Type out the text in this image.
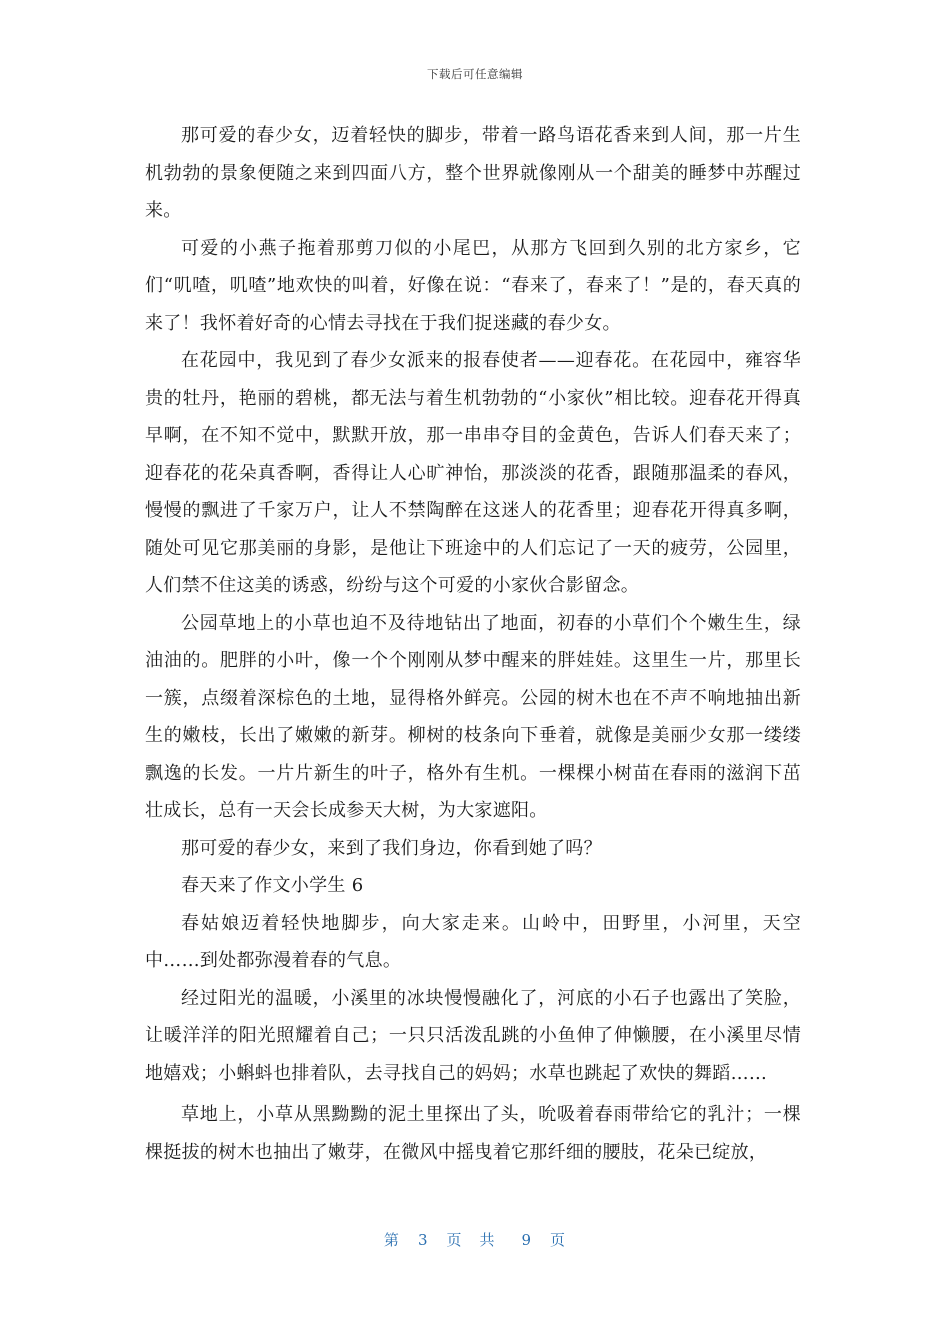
下载后可任意编辑

那可爱的春少女，迈着轻快的脚步，带着一路鸟语花香来到人间，那一片生机勃勃的景象便随之来到四面八方，整个世界就像刚从一个甜美的睡梦中苏醒过来。

可爱的小燕子拖着那剪刀似的小尾巴，从那方飞回到久别的北方家乡，它们“叽喳，叽喳”地欢快的叫着，好像在说：“春来了，春来了！”是的，春天真的来了！我怀着好奇的心情去寻找在于我们捉迷藏的春少女。

在花园中，我见到了春少女派来的报春使者——迎春花。在花园中，雍容华贵的牡丹，艳丽的碧桃，都无法与着生机勃勃的“小家伙”相比较。迎春花开得真早啊，在不知不觉中，默默开放，那一串串夺目的金黄色，告诉人们春天来了；迎春花的花朵真香啊，香得让人心旷神怡，那淡淡的花香，跟随那温柔的春风，慢慢的飘进了千家万户，让人不禁陶醉在这迷人的花香里；迎春花开得真多啊，随处可见它那美丽的身影，是他让下班途中的人们忘记了一天的疲劳，公园里，人们禁不住这美的诱惑，纷纷与这个可爱的小家伙合影留念。

公园草地上的小草也迫不及待地钻出了地面，初春的小草们个个嫩生生，绿油油的。肥胖的小叶，像一个个刚刚从梦中醒来的胖娃娃。这里生一片，那里长一簇，点缀着深棕色的土地，显得格外鲜亮。公园的树木也在不声不响地抽出新生的嫩枝，长出了嫩嫩的新芽。柳树的枝条向下垂着，就像是美丽少女那一缕缕飘逸的长发。一片片新生的叶子，格外有生机。一棵棵小树苗在春雨的滋润下茁壮成长，总有一天会长成参天大树，为大家遮阳。

那可爱的春少女，来到了我们身边，你看到她了吗？

春天来了作文小学生 6

春姑娘迈着轻快地脚步，向大家走来。山岭中，田野里，小河里，天空中……到处都弥漫着春的气息。

经过阳光的温暖，小溪里的冰块慢慢融化了，河底的小石子也露出了笑脸，让暖洋洋的阳光照耀着自己；一只只活泼乱跳的小鱼伸了伸懒腰，在小溪里尽情地嬉戏；小蝌蚪也排着队，去寻找自己的妈妈；水草也跳起了欢快的舞蹈……

草地上，小草从黑黝黝的泥土里探出了头，吮吸着春雨带给它的乳汁；一棵棵挺拔的树木也抽出了嫩芽，在微风中摇曳着它那纤细的腰肢，花朵已绽放，

第 3 页共 9 页
